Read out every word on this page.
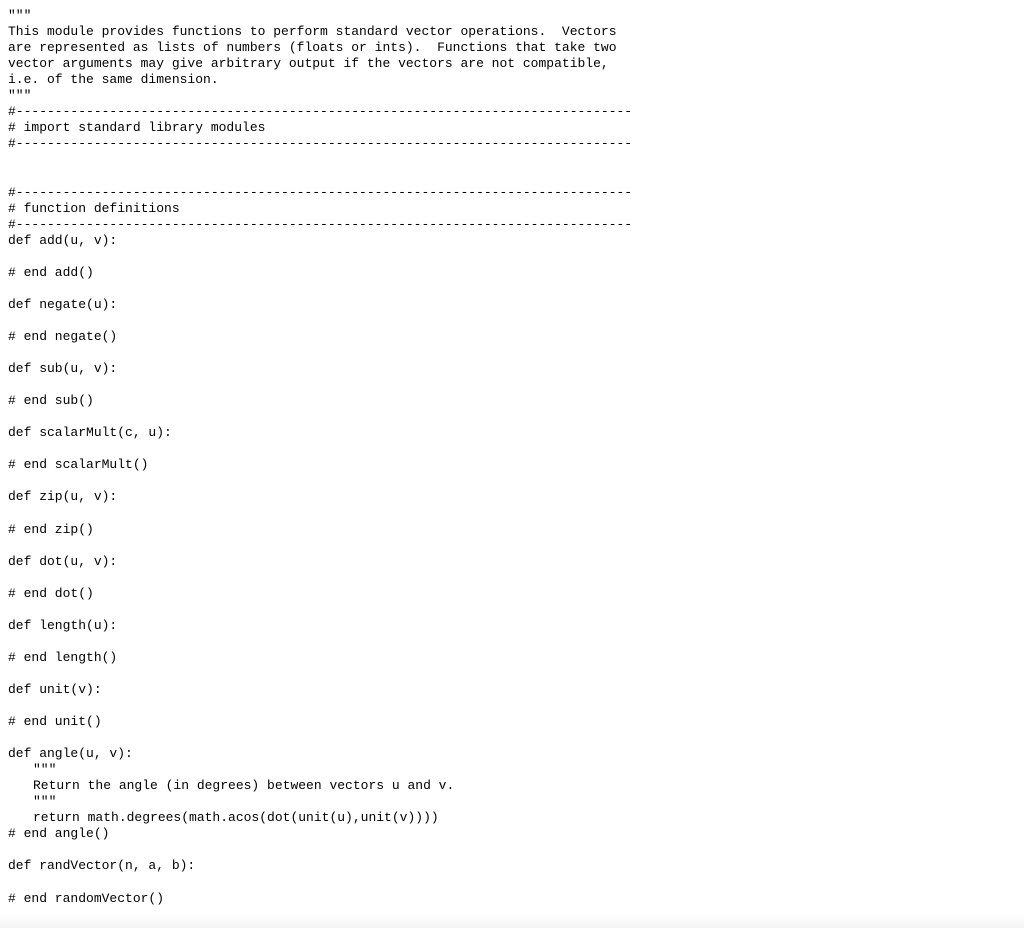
"""
This module provides functions to perform standard vector operations.  Vectors
are represented as lists of numbers (floats or ints).  Functions that take two
vector arguments may give arbitrary output if the vectors are not compatible,
i.e. of the same dimension.
"""
#-------------------------------------------------------------------------------
# import standard library modules
#-------------------------------------------------------------------------------
#-------------------------------------------------------------------------------
# function definitions
#-------------------------------------------------------------------------------
def add(u, v):
# end add()
def negate(u):
# end negate()
def sub(u, v):
# end sub()
def scalarMult(c, u):
# end scalarMult()
def zip(u, v):
# end zip()
def dot(u, v):
# end dot()
def length(u):
# end length()
def unit(v):
# end unit()
def angle(u, v):
"""
Return the angle (in degrees) between vectors u and v.
"""
return math.degrees(math.acos(dot(unit(u),unit(v))))
# end angle()
def randVector(n, a, b):
# end randomVector()
